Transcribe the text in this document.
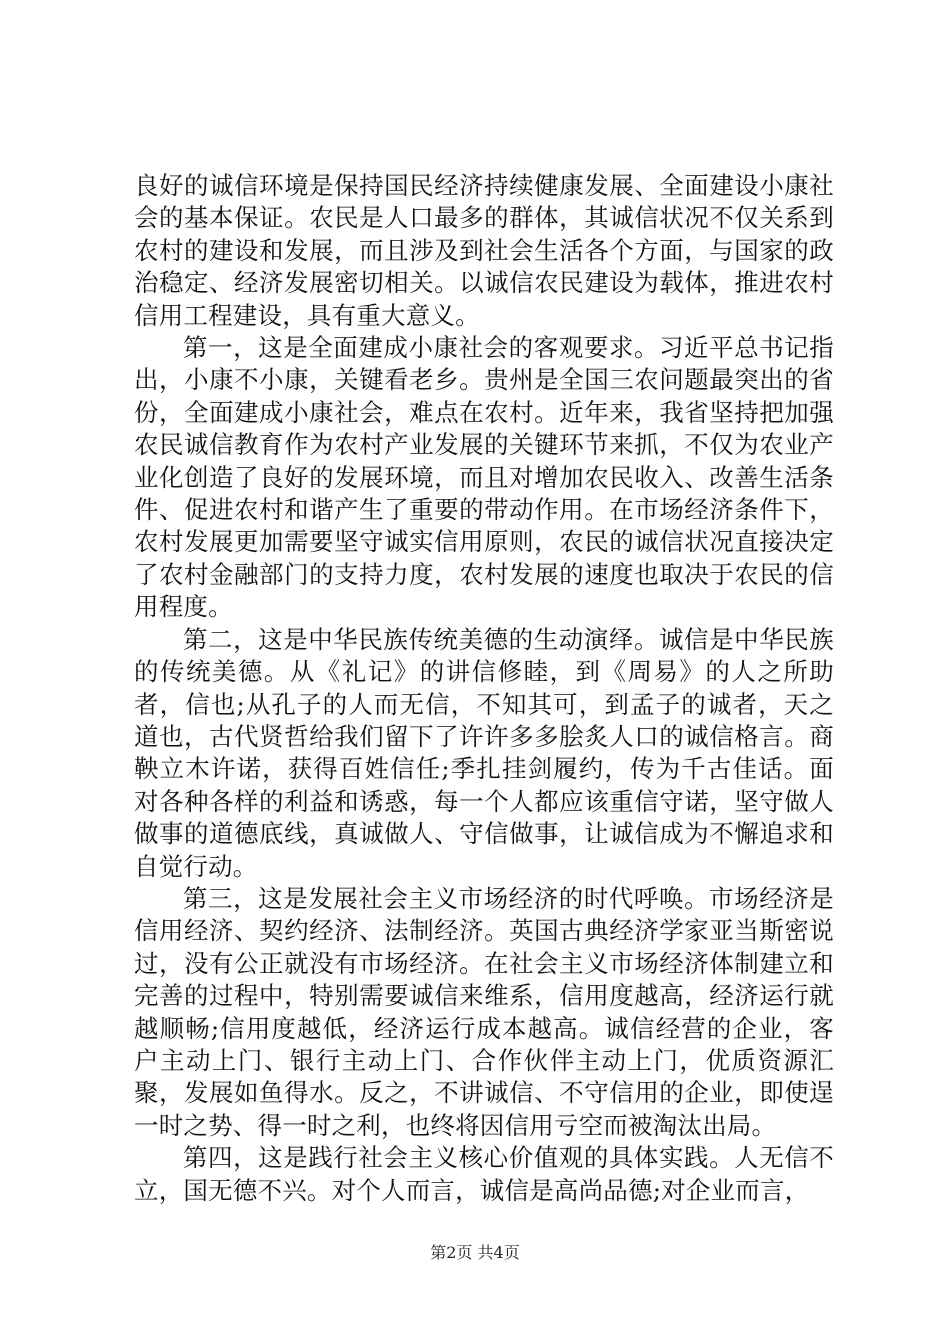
良好的诚信环境是保持国民经济持续健康发展、全面建设小康社会的基本保证。农民是人口最多的群体，其诚信状况不仅关系到农村的建设和发展，而且涉及到社会生活各个方面，与国家的政治稳定、经济发展密切相关。以诚信农民建设为载体，推进农村信用工程建设，具有重大意义。

第一，这是全面建成小康社会的客观要求。习近平总书记指出，小康不小康，关键看老乡。贵州是全国三农问题最突出的省份，全面建成小康社会，难点在农村。近年来，我省坚持把加强农民诚信教育作为农村产业发展的关键环节来抓，不仅为农业产业化创造了良好的发展环境，而且对增加农民收入、改善生活条件、促进农村和谐产生了重要的带动作用。在市场经济条件下，农村发展更加需要坚守诚实信用原则，农民的诚信状况直接决定了农村金融部门的支持力度，农村发展的速度也取决于农民的信用程度。

第二，这是中华民族传统美德的生动演绎。诚信是中华民族的传统美德。从《礼记》的讲信修睦，到《周易》的人之所助者，信也;从孔子的人而无信，不知其可，到孟子的诚者，天之道也，古代贤哲给我们留下了许许多多脍炙人口的诚信格言。商鞅立木许诺，获得百姓信任;季扎挂剑履约，传为千古佳话。面对各种各样的利益和诱惑，每一个人都应该重信守诺，坚守做人做事的道德底线，真诚做人、守信做事，让诚信成为不懈追求和自觉行动。

第三，这是发展社会主义市场经济的时代呼唤。市场经济是信用经济、契约经济、法制经济。英国古典经济学家亚当斯密说过，没有公正就没有市场经济。在社会主义市场经济体制建立和完善的过程中，特别需要诚信来维系，信用度越高，经济运行就越顺畅;信用度越低，经济运行成本越高。诚信经营的企业，客户主动上门、银行主动上门、合作伙伴主动上门，优质资源汇聚，发展如鱼得水。反之，不讲诚信、不守信用的企业，即使逞一时之势、得一时之利，也终将因信用亏空而被淘汰出局。

第四，这是践行社会主义核心价值观的具体实践。人无信不立，国无德不兴。对个人而言，诚信是高尚品德;对企业而言，

第2页 共4页
